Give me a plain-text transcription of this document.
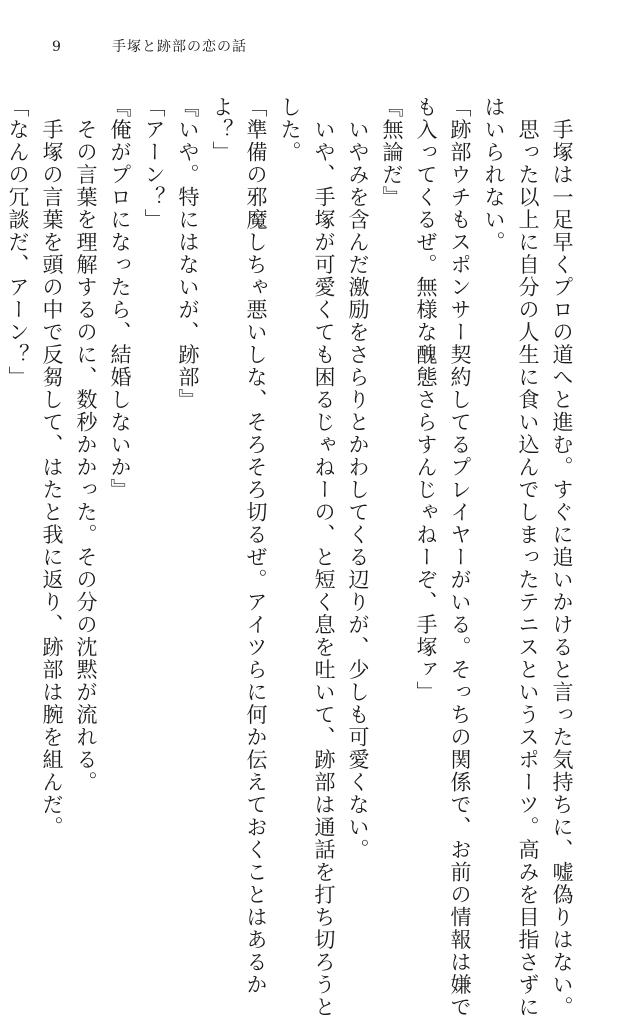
9	手塚と跡部の恋の話

　手塚は一足早くプロの道へと進む。すぐに追いかけると言った気持ちに、嘘偽りはない。

　思った以上に自分の人生に食い込んでしまったテニスというスポーツ。高みを目指さずに

はいられない。

「跡部ウチもスポンサー契約してるプレイヤーがいる。そっちの関係で、お前の情報は嫌で

も入ってくるぜ。無様な醜態さらすんじゃねーぞ、手塚ァ」

『無論だ』

　いやみを含んだ激励をさらりとかわしてくる辺りが、少しも可愛くない。

　いや、手塚が可愛くても困るじゃねーの、と短く息を吐いて、跡部は通話を打ち切ろうと

した。

「準備の邪魔しちゃ悪いしな、そろそろ切るぜ。アイツらに何か伝えておくことはあるか

よ？」

『いや。特にはないが、跡部』

「アーン？」

『俺がプロになったら、結婚しないか』

　その言葉を理解するのに、数秒かかった。その分の沈黙が流れる。

　手塚の言葉を頭の中で反芻して、はたと我に返り、跡部は腕を組んだ。

「なんの冗談だ、アーン？」
